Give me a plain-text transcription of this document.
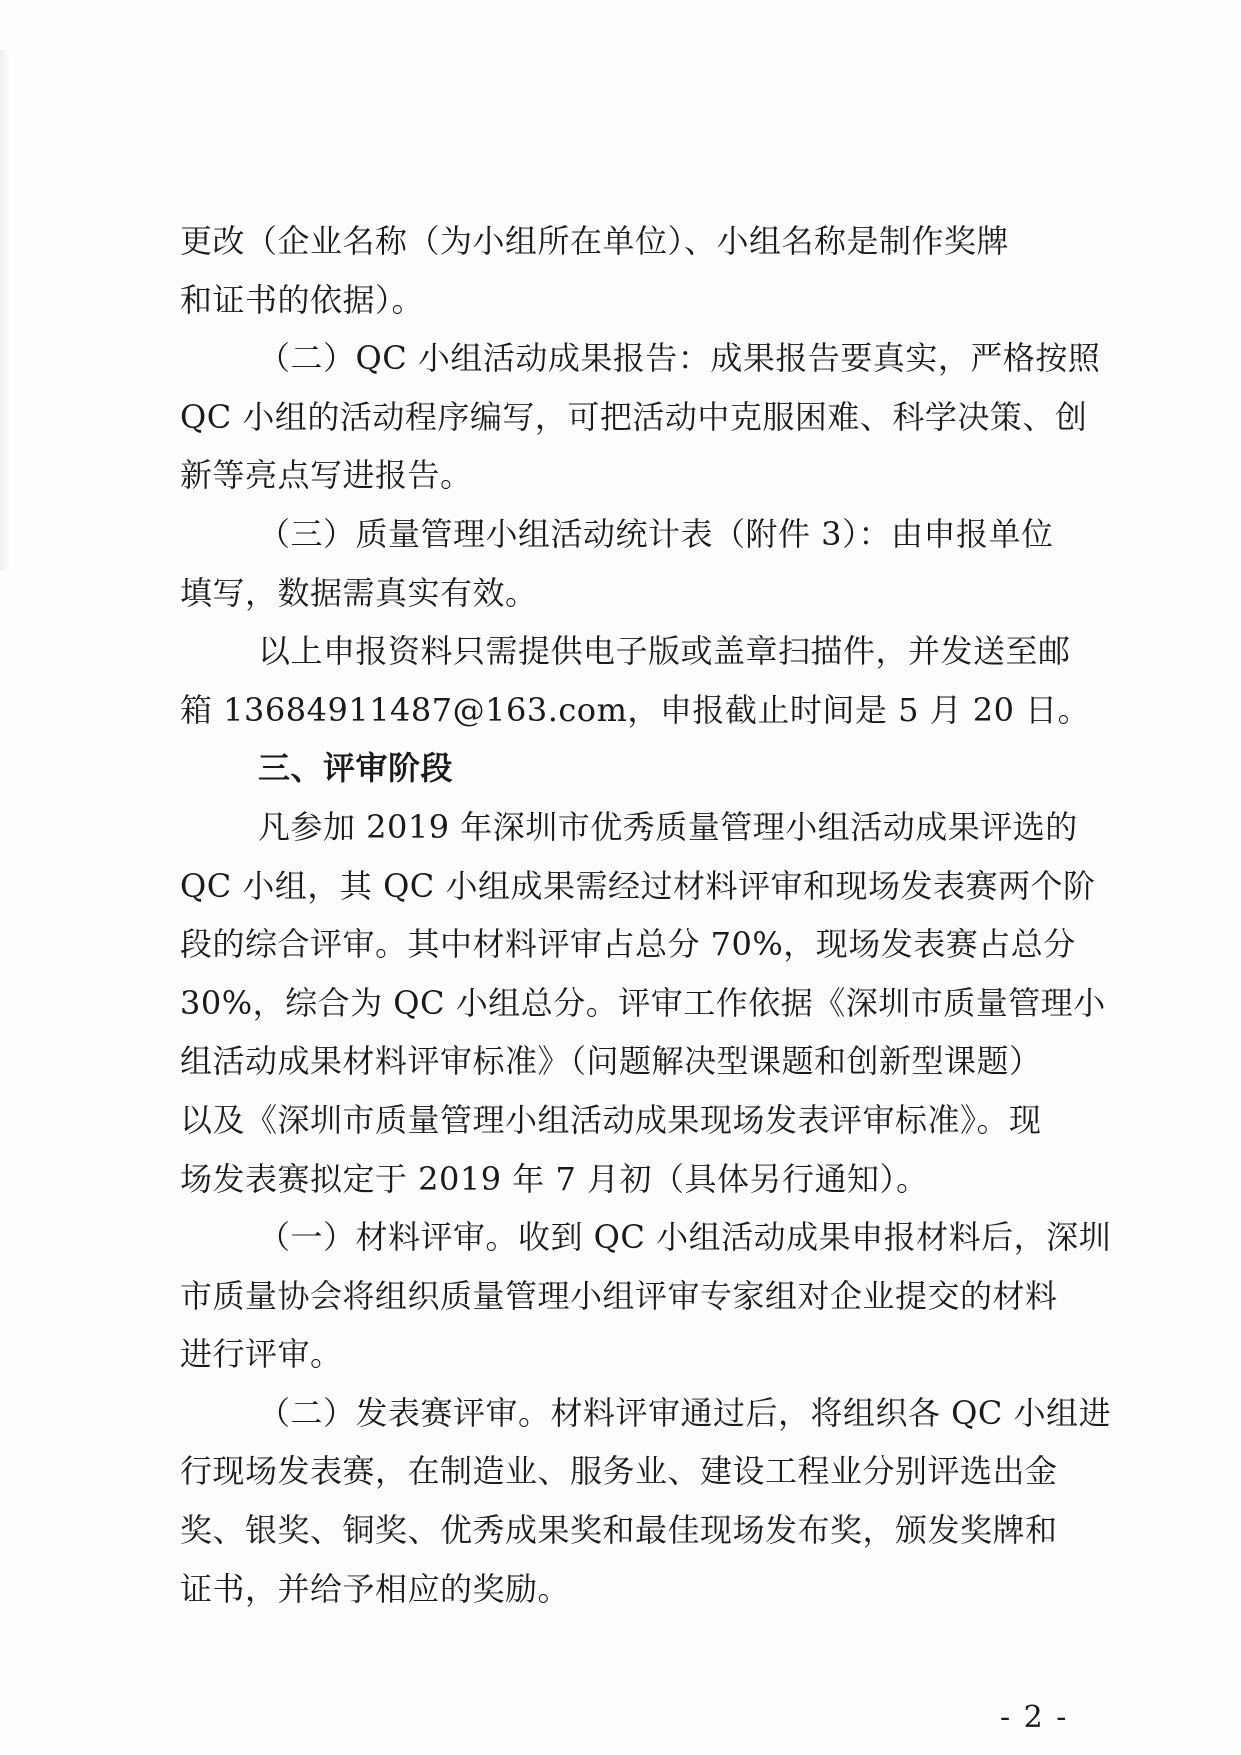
更改（企业名称（为小组所在单位）、小组名称是制作奖牌
和证书的依据）。
（二）QC 小组活动成果报告：成果报告要真实，严格按照
QC 小组的活动程序编写，可把活动中克服困难、科学决策、创
新等亮点写进报告。
（三）质量管理小组活动统计表（附件 3）：由申报单位
填写，数据需真实有效。
以上申报资料只需提供电子版或盖章扫描件，并发送至邮
箱 13684911487@163.com，申报截止时间是 5 月 20 日。
三、评审阶段
凡参加 2019 年深圳市优秀质量管理小组活动成果评选的
QC 小组，其 QC 小组成果需经过材料评审和现场发表赛两个阶
段的综合评审。其中材料评审占总分 70%，现场发表赛占总分
30%，综合为 QC 小组总分。评审工作依据《深圳市质量管理小
组活动成果材料评审标准》（问题解决型课题和创新型课题）
以及《深圳市质量管理小组活动成果现场发表评审标准》。现
场发表赛拟定于 2019 年 7 月初（具体另行通知）。
（一）材料评审。收到 QC 小组活动成果申报材料后，深圳
市质量协会将组织质量管理小组评审专家组对企业提交的材料
进行评审。
（二）发表赛评审。材料评审通过后，将组织各 QC 小组进
行现场发表赛，在制造业、服务业、建设工程业分别评选出金
奖、银奖、铜奖、优秀成果奖和最佳现场发布奖，颁发奖牌和
证书，并给予相应的奖励。
- 2 -
